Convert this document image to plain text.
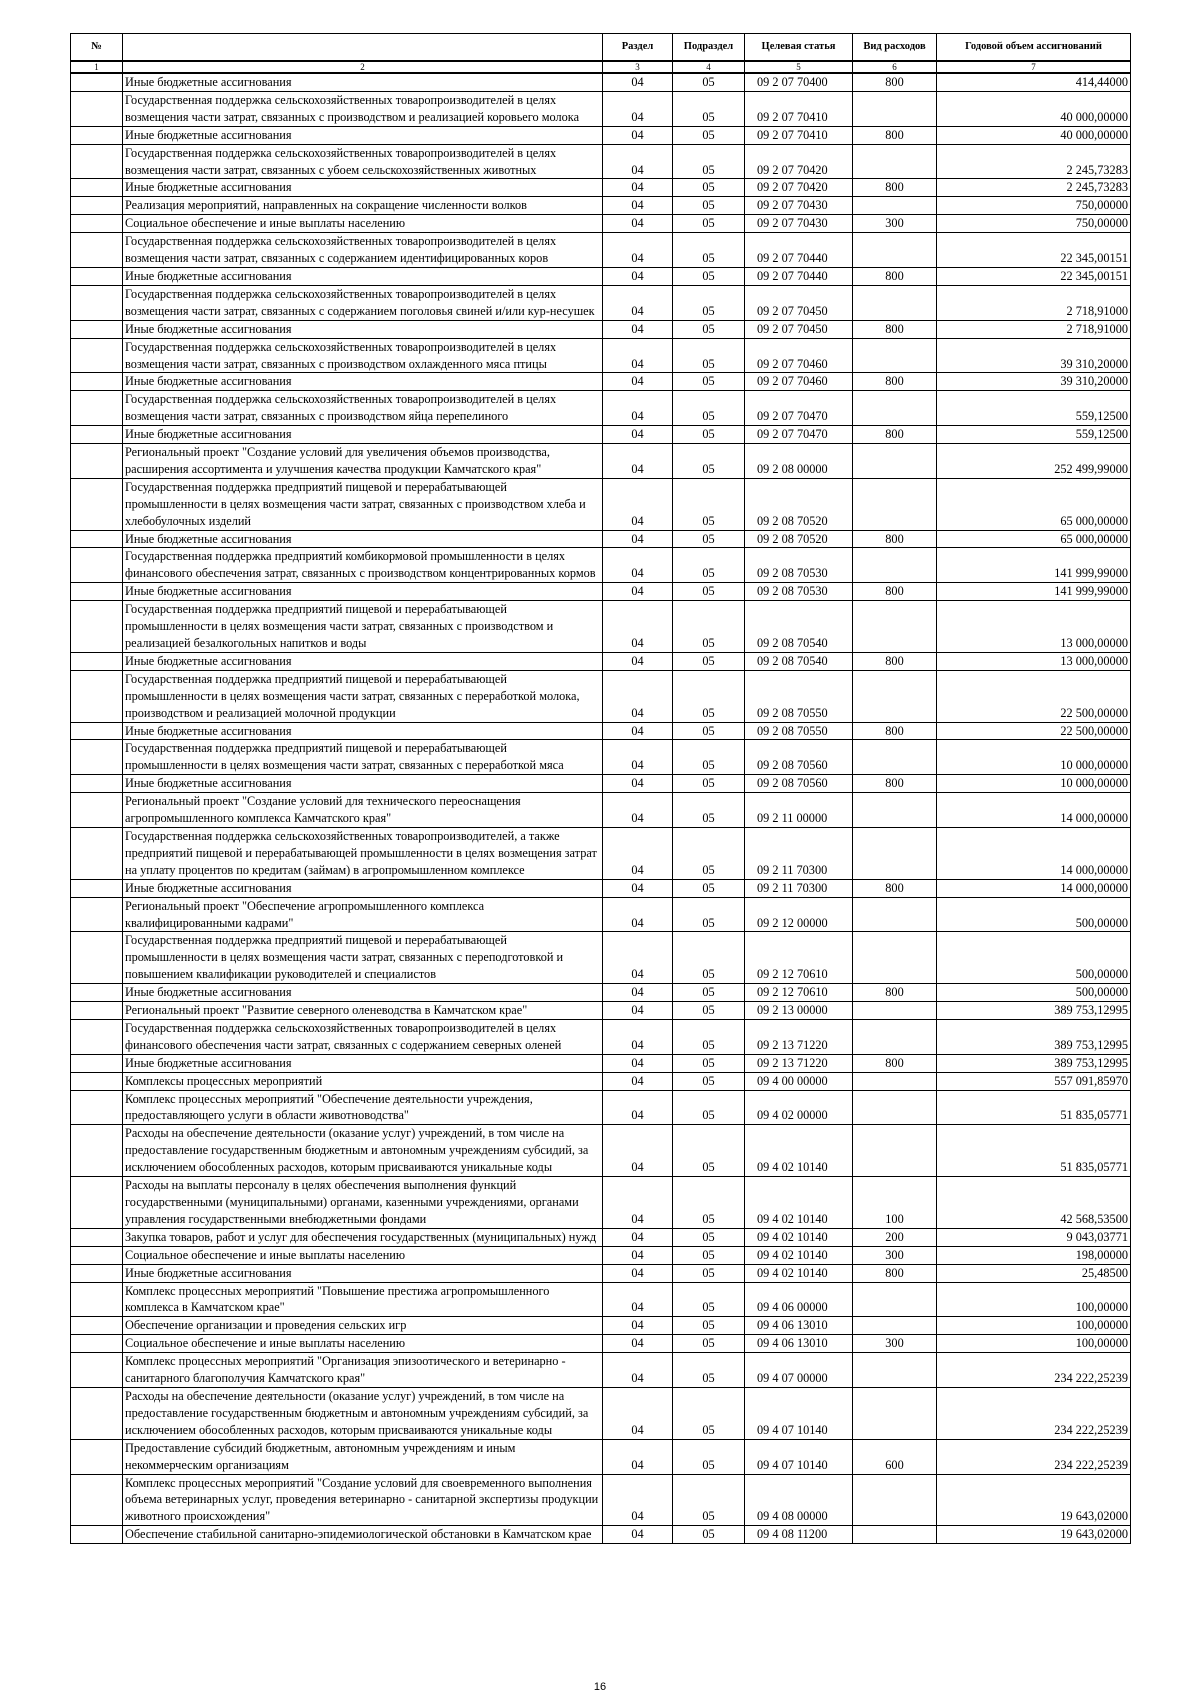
№		Раздел	Подраздел	Целевая статья	Вид расходов	Годовой объем ассигнований
1	2	3	4	5	6	7
	Иные бюджетные ассигнования	04	05	09 2 07 70400	800	414,44000
	Государственная поддержка сельскохозяйственных товаропроизводителей в целях возмещения части затрат, связанных с производством и реализацией коровьего молока	04	05	09 2 07 70410		40 000,00000
	Иные бюджетные ассигнования	04	05	09 2 07 70410	800	40 000,00000
	Государственная поддержка сельскохозяйственных товаропроизводителей в целях возмещения части затрат, связанных с убоем сельскохозяйственных животных	04	05	09 2 07 70420		2 245,73283
	Иные бюджетные ассигнования	04	05	09 2 07 70420	800	2 245,73283
	Реализация мероприятий, направленных на сокращение численности волков	04	05	09 2 07 70430		750,00000
	Социальное обеспечение и иные выплаты населению	04	05	09 2 07 70430	300	750,00000
	Государственная поддержка сельскохозяйственных товаропроизводителей в целях возмещения части затрат, связанных с содержанием идентифицированных коров	04	05	09 2 07 70440		22 345,00151
	Иные бюджетные ассигнования	04	05	09 2 07 70440	800	22 345,00151
	Государственная поддержка сельскохозяйственных товаропроизводителей в целях возмещения части затрат, связанных с содержанием поголовья свиней и/или кур-несушек	04	05	09 2 07 70450		2 718,91000
	Иные бюджетные ассигнования	04	05	09 2 07 70450	800	2 718,91000
	Государственная поддержка сельскохозяйственных товаропроизводителей в целях возмещения части затрат, связанных с производством охлажденного мяса птицы	04	05	09 2 07 70460		39 310,20000
	Иные бюджетные ассигнования	04	05	09 2 07 70460	800	39 310,20000
	Государственная поддержка сельскохозяйственных товаропроизводителей в целях возмещения части затрат, связанных с производством яйца перепелиного	04	05	09 2 07 70470		559,12500
	Иные бюджетные ассигнования	04	05	09 2 07 70470	800	559,12500
	Региональный проект "Создание условий для увеличения объемов производства, расширения ассортимента и улучшения качества продукции Камчатского края"	04	05	09 2 08 00000		252 499,99000
	Государственная поддержка предприятий пищевой и перерабатывающей промышленности в целях возмещения части затрат, связанных с производством хлеба и хлебобулочных изделий	04	05	09 2 08 70520		65 000,00000
	Иные бюджетные ассигнования	04	05	09 2 08 70520	800	65 000,00000
	Государственная поддержка предприятий комбикормовой промышленности в целях финансового обеспечения затрат, связанных с производством концентрированных кормов	04	05	09 2 08 70530		141 999,99000
	Иные бюджетные ассигнования	04	05	09 2 08 70530	800	141 999,99000
	Государственная поддержка предприятий пищевой и перерабатывающей промышленности в целях возмещения части затрат, связанных с производством и реализацией безалкогольных напитков и воды	04	05	09 2 08 70540		13 000,00000
	Иные бюджетные ассигнования	04	05	09 2 08 70540	800	13 000,00000
	Государственная поддержка предприятий пищевой и перерабатывающей промышленности в целях возмещения части затрат, связанных с переработкой молока, производством и реализацией молочной продукции	04	05	09 2 08 70550		22 500,00000
	Иные бюджетные ассигнования	04	05	09 2 08 70550	800	22 500,00000
	Государственная поддержка предприятий пищевой и перерабатывающей промышленности в целях возмещения части затрат, связанных с переработкой мяса	04	05	09 2 08 70560		10 000,00000
	Иные бюджетные ассигнования	04	05	09 2 08 70560	800	10 000,00000
	Региональный проект "Создание условий для технического переоснащения агропромышленного комплекса Камчатского края"	04	05	09 2 11 00000		14 000,00000
	Государственная поддержка сельскохозяйственных товаропроизводителей, а также предприятий пищевой и перерабатывающей промышленности в целях возмещения затрат на уплату процентов по кредитам (займам) в агропромышленном комплексе	04	05	09 2 11 70300		14 000,00000
	Иные бюджетные ассигнования	04	05	09 2 11 70300	800	14 000,00000
	Региональный проект "Обеспечение агропромышленного комплекса квалифицированными кадрами"	04	05	09 2 12 00000		500,00000
	Государственная поддержка предприятий пищевой и перерабатывающей промышленности в целях возмещения части затрат, связанных с переподготовкой и повышением квалификации руководителей и специалистов	04	05	09 2 12 70610		500,00000
	Иные бюджетные ассигнования	04	05	09 2 12 70610	800	500,00000
	Региональный проект "Развитие северного оленеводства в Камчатском крае"	04	05	09 2 13 00000		389 753,12995
	Государственная поддержка сельскохозяйственных товаропроизводителей в целях финансового обеспечения части затрат, связанных с содержанием северных оленей	04	05	09 2 13 71220		389 753,12995
	Иные бюджетные ассигнования	04	05	09 2 13 71220	800	389 753,12995
	Комплексы процессных мероприятий	04	05	09 4 00 00000		557 091,85970
	Комплекс процессных мероприятий "Обеспечение деятельности учреждения, предоставляющего услуги в области животноводства"	04	05	09 4 02 00000		51 835,05771
	Расходы на обеспечение деятельности (оказание услуг) учреждений, в том числе на предоставление государственным бюджетным и автономным учреждениям субсидий, за исключением обособленных расходов, которым присваиваются уникальные коды	04	05	09 4 02 10140		51 835,05771
	Расходы на выплаты персоналу в целях обеспечения выполнения функций государственными (муниципальными) органами, казенными учреждениями, органами управления государственными внебюджетными фондами	04	05	09 4 02 10140	100	42 568,53500
	Закупка товаров, работ и услуг для обеспечения государственных (муниципальных) нужд	04	05	09 4 02 10140	200	9 043,03771
	Социальное обеспечение и иные выплаты населению	04	05	09 4 02 10140	300	198,00000
	Иные бюджетные ассигнования	04	05	09 4 02 10140	800	25,48500
	Комплекс процессных мероприятий "Повышение престижа агропромышленного комплекса в Камчатском крае"	04	05	09 4 06 00000		100,00000
	Обеспечение организации и проведения сельских игр	04	05	09 4 06 13010		100,00000
	Социальное обеспечение и иные выплаты населению	04	05	09 4 06 13010	300	100,00000
	Комплекс процессных мероприятий "Организация эпизоотического и ветеринарно - санитарного благополучия Камчатского края"	04	05	09 4 07 00000		234 222,25239
	Расходы на обеспечение деятельности (оказание услуг) учреждений, в том числе на предоставление государственным бюджетным и автономным учреждениям субсидий, за исключением обособленных расходов, которым присваиваются уникальные коды	04	05	09 4 07 10140		234 222,25239
	Предоставление субсидий бюджетным, автономным учреждениям и иным некоммерческим организациям	04	05	09 4 07 10140	600	234 222,25239
	Комплекс процессных мероприятий "Создание условий для своевременного выполнения объема ветеринарных услуг, проведения ветеринарно - санитарной экспертизы продукции животного происхождения"	04	05	09 4 08 00000		19 643,02000
	Обеспечение стабильной санитарно-эпидемиологической обстановки в Камчатском крае	04	05	09 4 08 11200		19 643,02000
16
